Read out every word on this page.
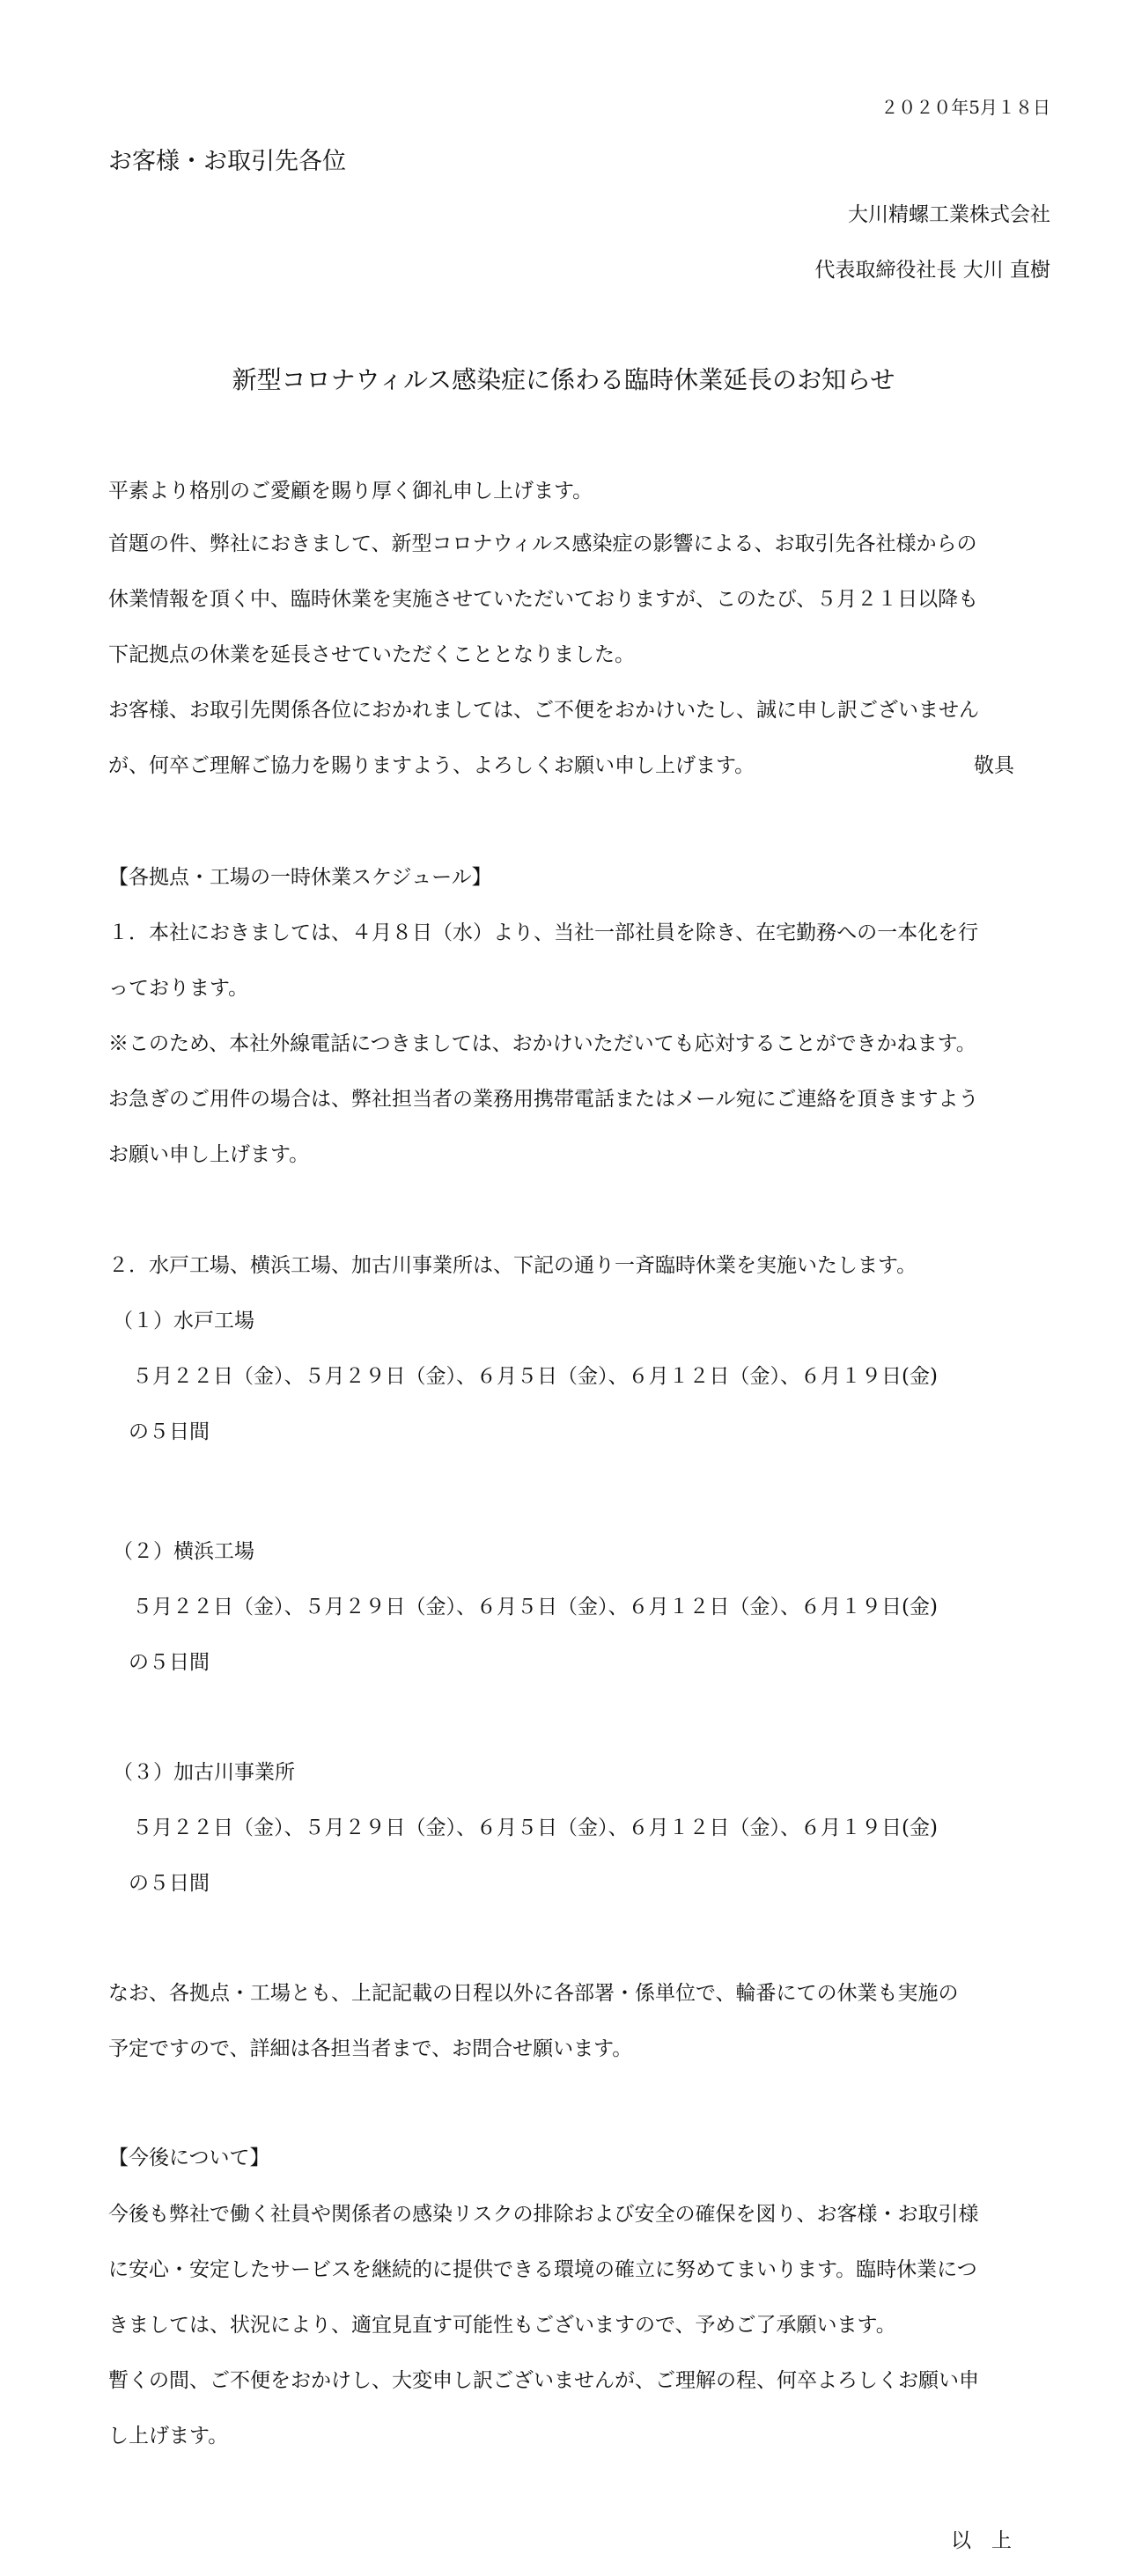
２０２０年5月１８日
お客様・お取引先各位
大川精螺工業株式会社
代表取締役社長 大川 直樹
新型コロナウィルス感染症に係わる臨時休業延長のお知らせ
平素より格別のご愛顧を賜り厚く御礼申し上げます。
首題の件、弊社におきまして、新型コロナウィルス感染症の影響による、お取引先各社様からの
休業情報を頂く中、臨時休業を実施させていただいておりますが、このたび、５月２１日以降も
下記拠点の休業を延長させていただくこととなりました。
お客様、お取引先関係各位におかれましては、ご不便をおかけいたし、誠に申し訳ございません
が、何卒ご理解ご協力を賜りますよう、よろしくお願い申し上げます。	敬具
【各拠点・工場の一時休業スケジュール】
１．本社におきましては、４月８日（水）より、当社一部社員を除き、在宅勤務への一本化を行
っております。
※このため、本社外線電話につきましては、おかけいただいても応対することができかねます。
お急ぎのご用件の場合は、弊社担当者の業務用携帯電話またはメール宛にご連絡を頂きますよう
お願い申し上げます。
２．水戸工場、横浜工場、加古川事業所は、下記の通り一斉臨時休業を実施いたします。
（１）水戸工場
５月２２日（金）、５月２９日（金）、６月５日（金）、６月１２日（金）、６月１９日(金)
の５日間
（２）横浜工場
５月２２日（金）、５月２９日（金）、６月５日（金）、６月１２日（金）、６月１９日(金)
の５日間
（３）加古川事業所
５月２２日（金）、５月２９日（金）、６月５日（金）、６月１２日（金）、６月１９日(金)
の５日間
なお、各拠点・工場とも、上記記載の日程以外に各部署・係単位で、輪番にての休業も実施の
予定ですので、詳細は各担当者まで、お問合せ願います。
【今後について】
今後も弊社で働く社員や関係者の感染リスクの排除および安全の確保を図り、お客様・お取引様
に安心・安定したサービスを継続的に提供できる環境の確立に努めてまいります。臨時休業につ
きましては、状況により、適宜見直す可能性もございますので、予めご了承願います。
暫くの間、ご不便をおかけし、大変申し訳ございませんが、ご理解の程、何卒よろしくお願い申
し上げます。
以　上
